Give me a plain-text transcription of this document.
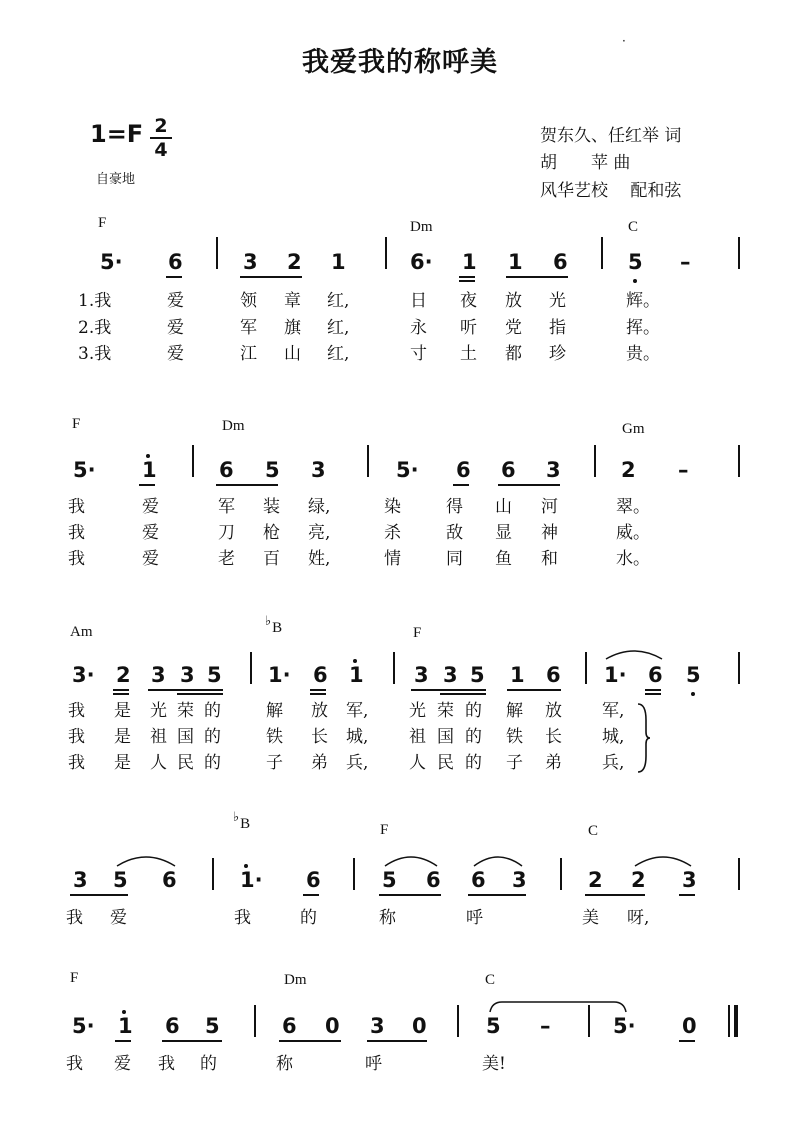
我爱我的称呼美
·
1=F 2
4
自豪地
贺东久、任红举 词
胡　　苹 曲
风华艺校　 配和弦
F	Dm	C
5· 6	3 2 1	6· 1 1 6	5 –
1.我	爱	领 章 红,	日 夜 放 光	辉。
2.我	爱	军 旗 红,	永 听 党 指	挥。
3.我	爱	江 山 红,	寸 土 都 珍	贵。
F	Dm	Gm
5· 1	6 5 3	5· 6 6 3	2 –
我	爱	军 装 绿,	染	得 山 河	翠。
我	爱	刀 枪 亮,	杀	敌 显 神	威。
我	爱	老 百 姓,	情	同 鱼 和	水。
Am
♭B	F
3· 2 3 3 5 1· 6 1 3 3 5 1 6 1· 6 5
我 是 光 荣 的	解 放 军, 光 荣 的 解 放 军,
我 是 祖 国 的	铁 长 城, 祖 国 的 铁 长 城,
我 是 人 民 的	子 弟 兵, 人 民 的 子 弟 兵,
♭B	F	C
3 5 6	1· 6	5 6 6 3	2 2 3
我 爱	我	的	称	呼	美 呀,
F	Dm	C
5· 1 6 5	6 0 3 0	5 –	5· 0
我 爱 我 的	称	呼	美!
